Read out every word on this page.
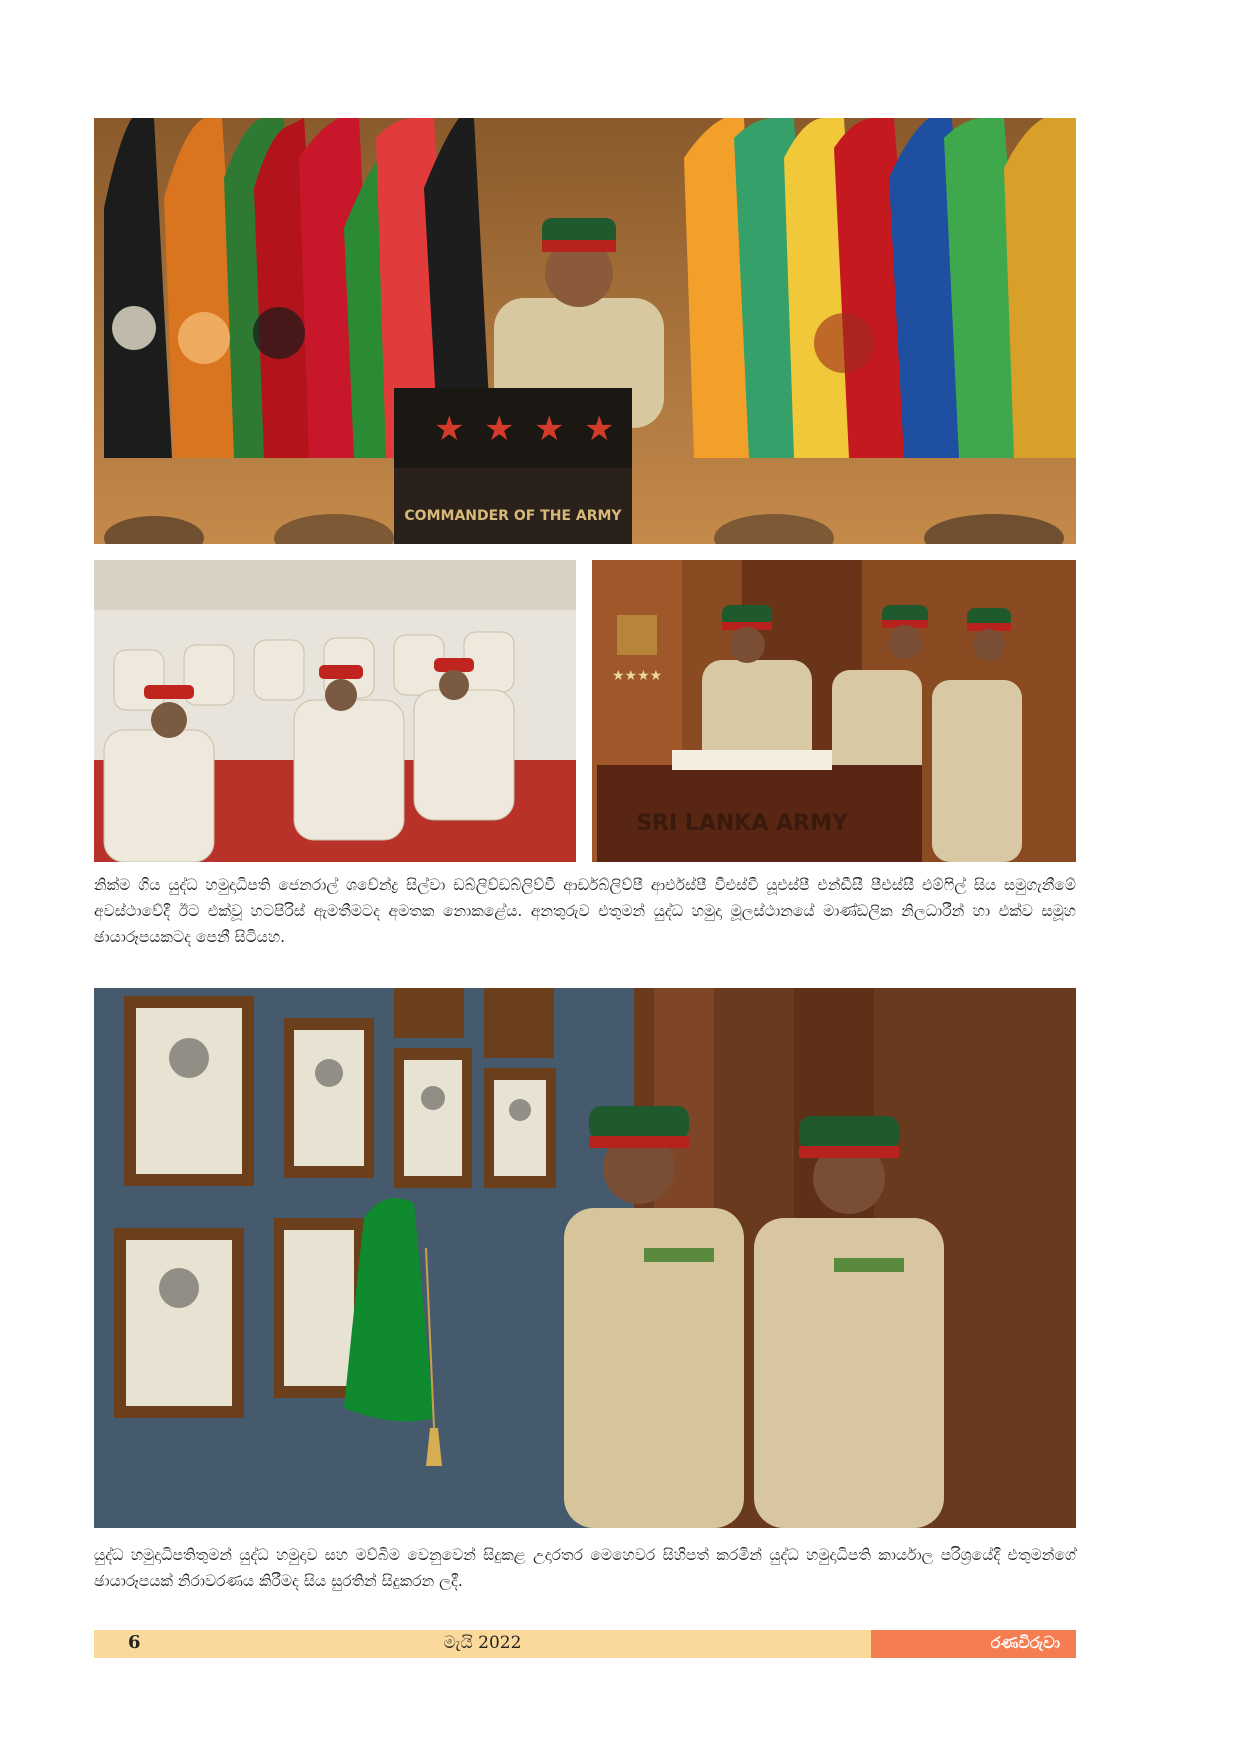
★ ★ ★ ★
COMMANDER OF THE ARMY
★★★★
SRI LANKA ARMY

නික්ම ගිය යුද්ධ හමුදාධිපති ජෙනරාල් ශවේන්ද්‍ර සිල්වා ඩබ්ලිව්ඩබ්ලිව්වී ආර්ඩබ්ලිව්පී ආර්එස්පී වීඑස්වී යූඑස්පී එන්ඩීසී පීඑස්සී එම්ෆිල් සිය සමුගැනීමේ අවස්ථාවේදී ඊට එක්වූ හටපිරිස් ඇමතීමටද අමතක නොකළේය. අනතුරුව එතුමන් යුද්ධ හමුදා මූලස්ථානයේ මාණ්ඩලික නිලධාරීන් හා එක්ව සමූහ ඡායාරූපයකටද පෙනී සිටියහ.

යුද්ධ හමුදාධිපතිතුමන් යුද්ධ හමුදාව සහ මව්බිම වෙනුවෙන් සිදුකළ උදාරතර මෙහෙවර සිහිපත් කරමින් යුද්ධ හමුදාධිපති කාර්යාල පරිශ්‍රයේදී එතුමන්ගේ ඡායාරූපයක් නිරාවරණය කිරීමද සිය සුරතින් සිදුකරන ලදී.

6	මැයි 2022	රණවිරුවා
